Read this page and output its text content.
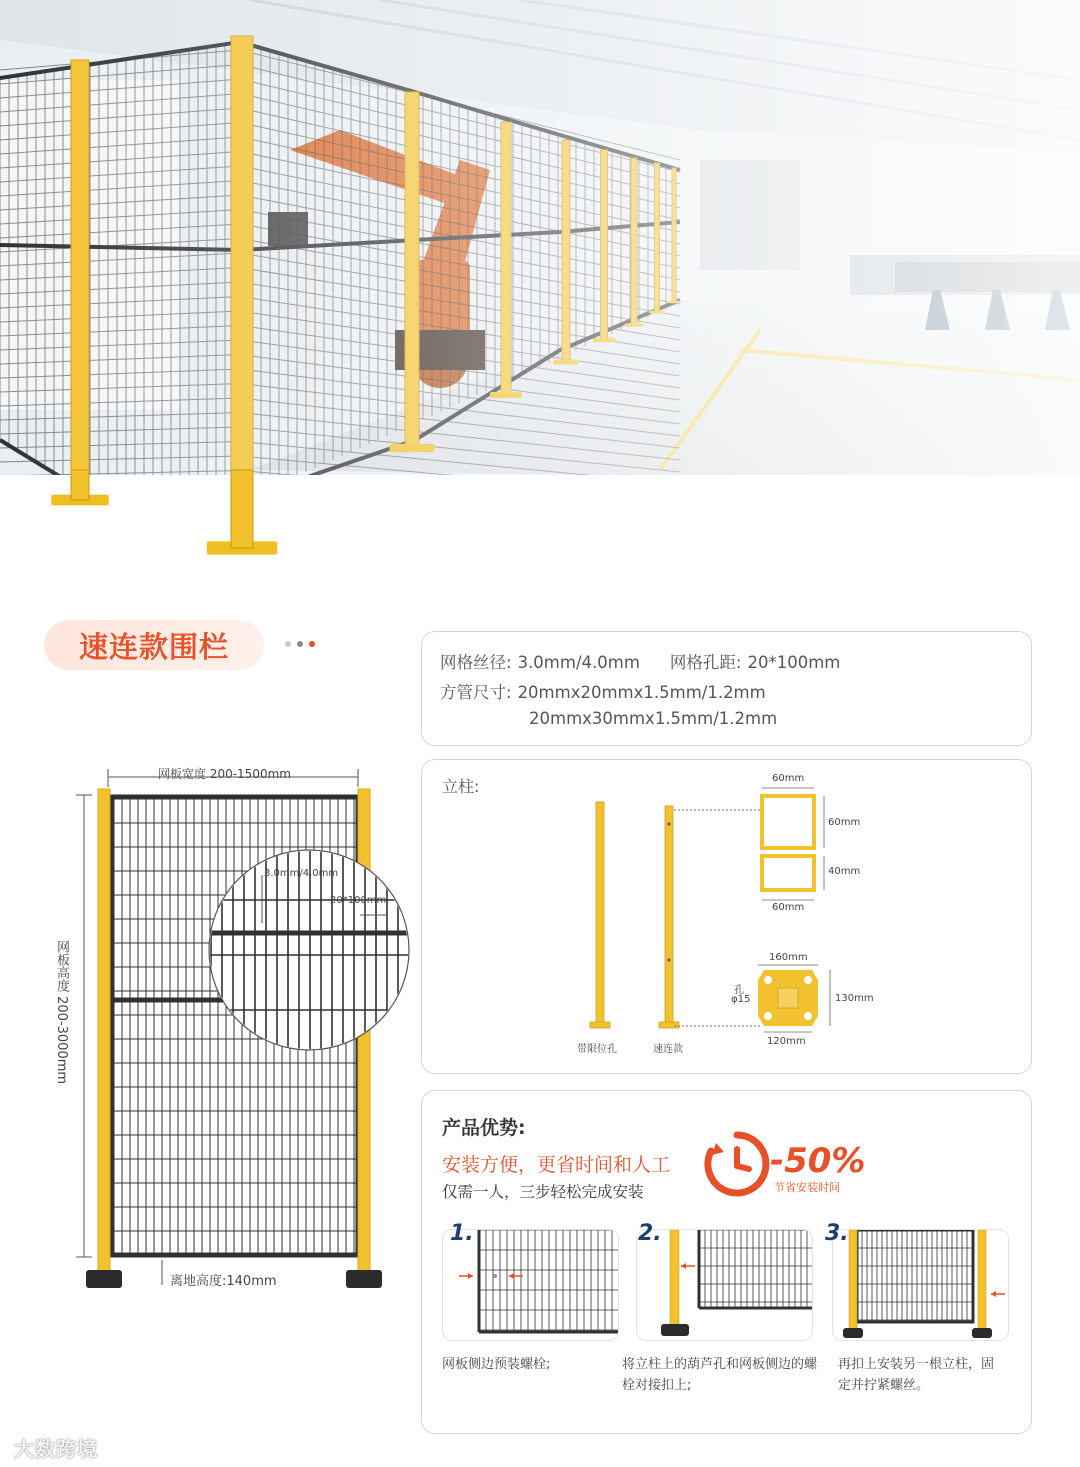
速连款围栏	网格丝径: 3.0mm/4.0mm 网格孔距: 20*100mm
方管尺寸: 20mmx20mmx1.5mm/1.2mm
20mmx30mmx1.5mm/1.2mm
网板宽度 200-1500mm
网板高度 200-3000mm
离地高度:140mm
3.0mm/4.0mm
20*100mm
立柱:
带限位孔	速连款
60mm
60mm
40mm
60mm
160mm
130mm
120mm
孔
φ15
产品优势:
安装方便，更省时间和人工
仅需一人，三步轻松完成安装
-50%
节省安装时间
1.	2.	3.
网板侧边预装螺栓;	将立柱上的葫芦孔和网板侧边的螺栓对接扣上;
再扣上安装另一根立柱，固定并拧紧螺丝。
大数跨境
